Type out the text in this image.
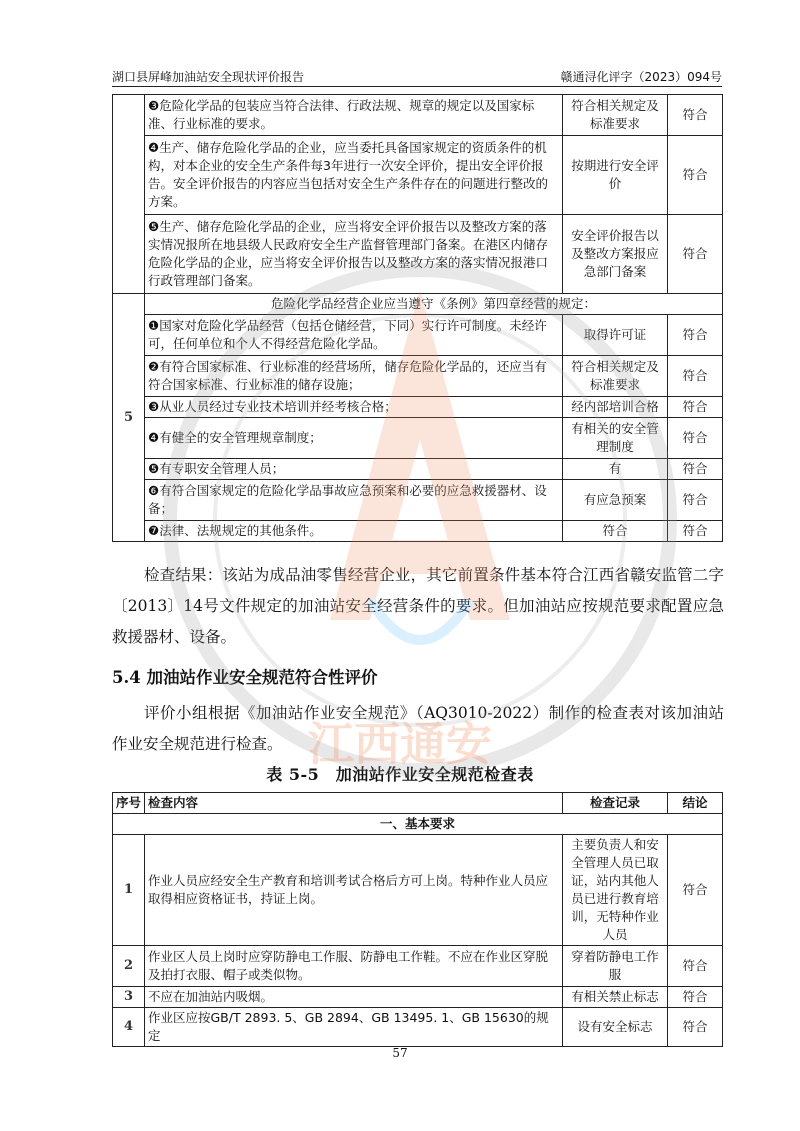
湖口县屏峰加油站安全现状评价报告	赣通浔化评字（2023）094号
	❸危险化学品的包装应当符合法律、行政法规、规章的规定以及国家标准、行业标准的要求。	符合相关规定及标准要求	符合
	❹生产、储存危险化学品的企业，应当委托具备国家规定的资质条件的机构，对本企业的安全生产条件每3年进行一次安全评价，提出安全评价报告。安全评价报告的内容应当包括对安全生产条件存在的问题进行整改的方案。	按期进行安全评价	符合
	❺生产、储存危险化学品的企业，应当将安全评价报告以及整改方案的落实情况报所在地县级人民政府安全生产监督管理部门备案。在港区内储存危险化学品的企业，应当将安全评价报告以及整改方案的落实情况报港口行政管理部门备案。	安全评价报告以及整改方案报应急部门备案	符合
5	危险化学品经营企业应当遵守《条例》第四章经营的规定：		
	❶国家对危险化学品经营（包括仓储经营，下同）实行许可制度。未经许可，任何单位和个人不得经营危险化学品。	取得许可证	符合
	❷有符合国家标准、行业标准的经营场所，储存危险化学品的，还应当有符合国家标准、行业标准的储存设施；	符合相关规定及标准要求	符合
	❸从业人员经过专业技术培训并经考核合格；	经内部培训合格	符合
	❹有健全的安全管理规章制度；	有相关的安全管理制度	符合
	❺有专职安全管理人员；	有	符合
	❻有符合国家规定的危险化学品事故应急预案和必要的应急救援器材、设备；	有应急预案	符合
	❼法律、法规规定的其他条件。	符合	符合
检查结果：该站为成品油零售经营企业，其它前置条件基本符合江西省赣安监管二字〔2013〕14号文件规定的加油站安全经营条件的要求。但加油站应按规范要求配置应急救援器材、设备。
5.4 加油站作业安全规范符合性评价
评价小组根据《加油站作业安全规范》（AQ3010-2022）制作的检查表对该加油站作业安全规范进行检查。
表 5-5　加油站作业安全规范检查表
序号	检查内容	检查记录	结论
一、基本要求			
1	作业人员应经安全生产教育和培训考试合格后方可上岗。特种作业人员应取得相应资格证书，持证上岗。	主要负责人和安全管理人员已取证，站内其他人员已进行教育培训，无特种作业人员	符合
2	作业区人员上岗时应穿防静电工作服、防静电工作鞋。不应在作业区穿脱及拍打衣服、帽子或类似物。	穿着防静电工作服	符合
3	不应在加油站内吸烟。	有相关禁止标志	符合
4	作业区应按GB/T 2893. 5、GB 2894、GB 13495. 1、GB 15630的规定	设有安全标志	符合
57
江西通安
